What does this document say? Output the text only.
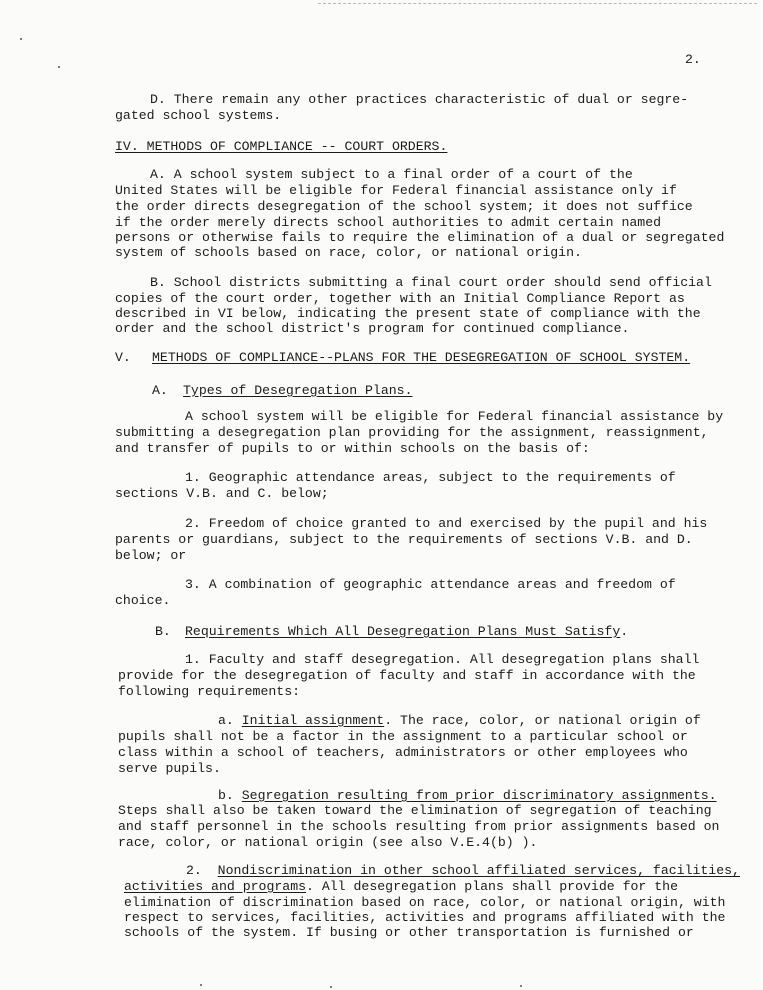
2.
D. There remain any other practices characteristic of dual or segre-
gated school systems.
IV. METHODS OF COMPLIANCE -- COURT ORDERS.
A. A school system subject to a final order of a court of the
United States will be eligible for Federal financial assistance only if
the order directs desegregation of the school system; it does not suffice
if the order merely directs school authorities to admit certain named
persons or otherwise fails to require the elimination of a dual or segregated
system of schools based on race, color, or national origin.
B. School districts submitting a final court order should send official
copies of the court order, together with an Initial Compliance Report as
described in VI below, indicating the present state of compliance with the
order and the school district's program for continued compliance.
V. METHODS OF COMPLIANCE--PLANS FOR THE DESEGREGATION OF SCHOOL SYSTEM.
A. Types of Desegregation Plans.
A school system will be eligible for Federal financial assistance by
submitting a desegregation plan providing for the assignment, reassignment,
and transfer of pupils to or within schools on the basis of:
1. Geographic attendance areas, subject to the requirements of
sections V.B. and C. below;
2. Freedom of choice granted to and exercised by the pupil and his
parents or guardians, subject to the requirements of sections V.B. and D.
below; or
3. A combination of geographic attendance areas and freedom of
choice.
B. Requirements Which All Desegregation Plans Must Satisfy.
1. Faculty and staff desegregation. All desegregation plans shall
provide for the desegregation of faculty and staff in accordance with the
following requirements:
a. Initial assignment. The race, color, or national origin of
pupils shall not be a factor in the assignment to a particular school or
class within a school of teachers, administrators or other employees who
serve pupils.
b. Segregation resulting from prior discriminatory assignments.
Steps shall also be taken toward the elimination of segregation of teaching
and staff personnel in the schools resulting from prior assignments based on
race, color, or national origin (see also V.E.4(b) ).
2. Nondiscrimination in other school affiliated services, facilities,
activities and programs. All desegregation plans shall provide for the
elimination of discrimination based on race, color, or national origin, with
respect to services, facilities, activities and programs affiliated with the
schools of the system. If busing or other transportation is furnished or
